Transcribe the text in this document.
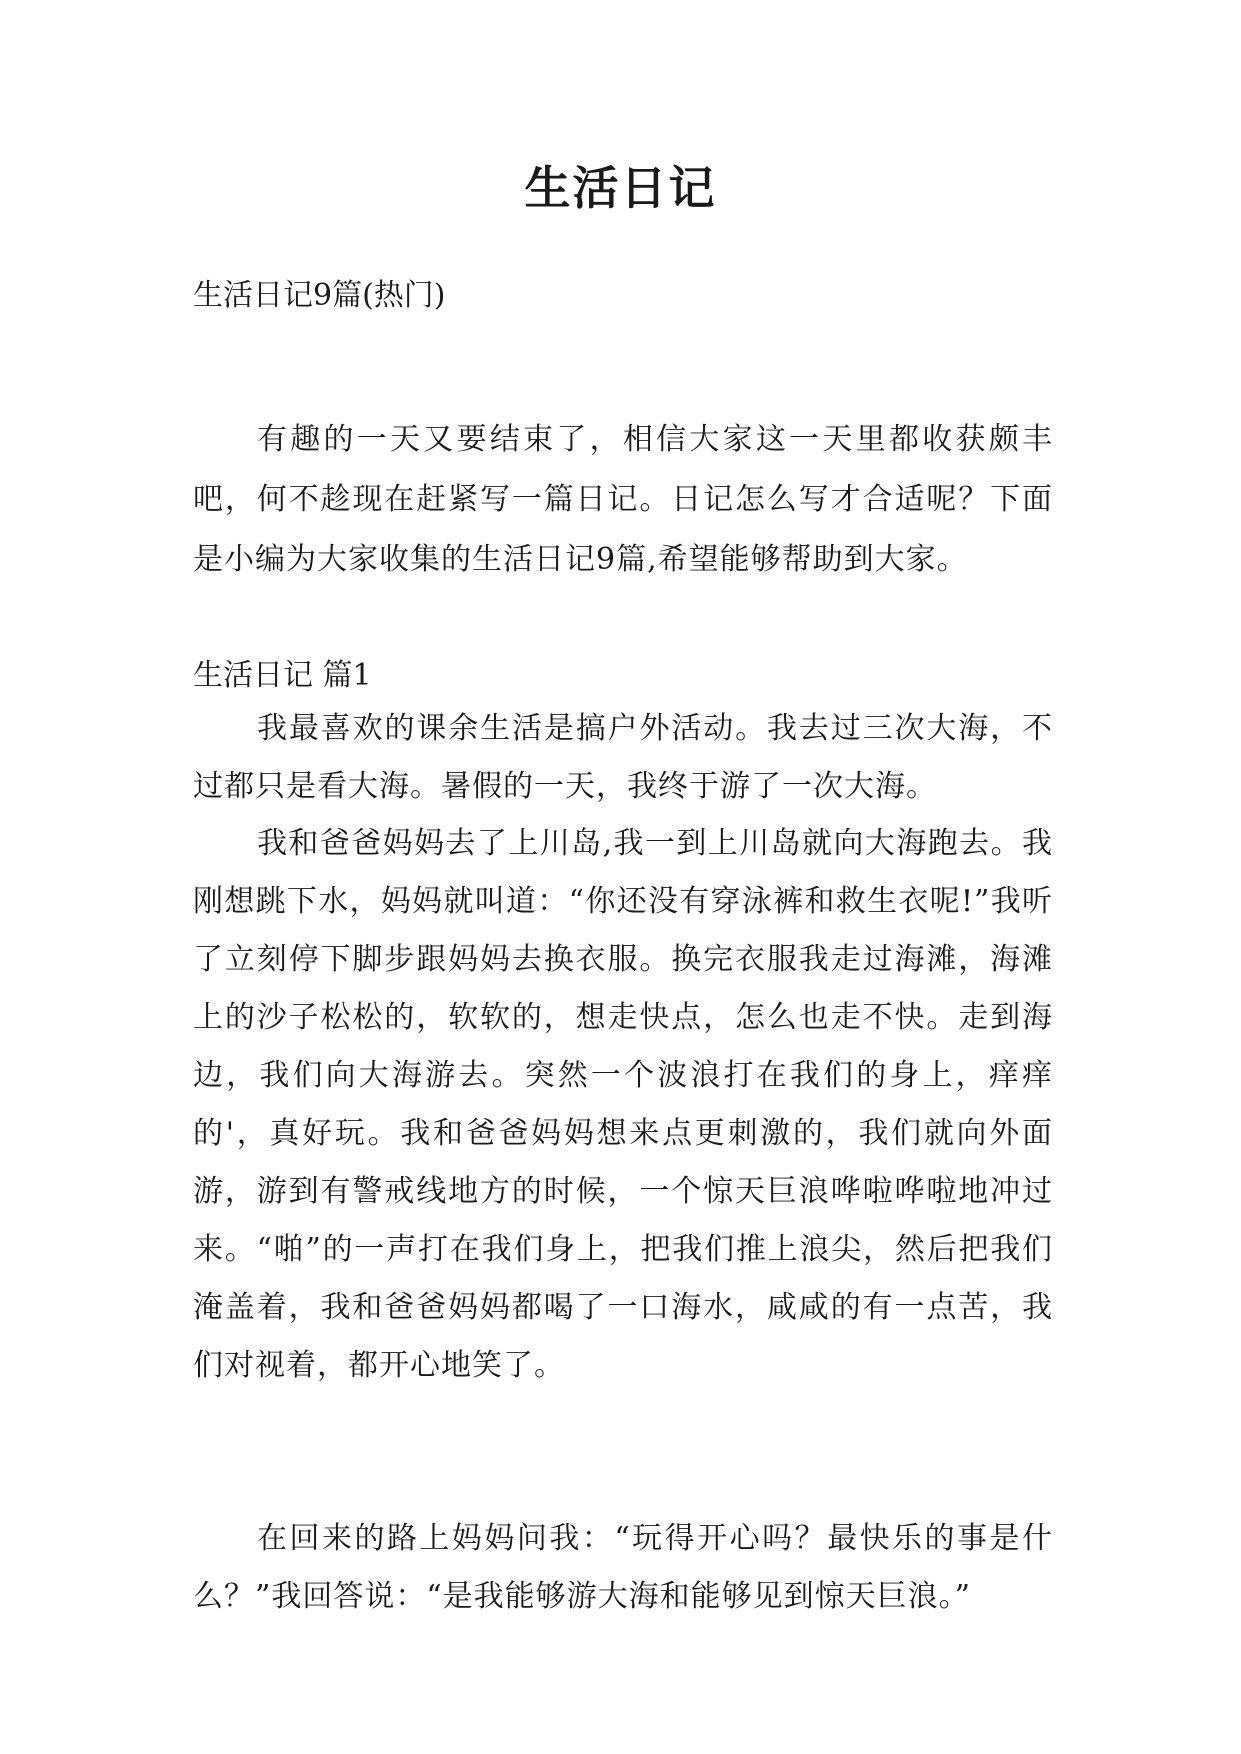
生活日记

生活日记9篇(热门)

有趣的一天又要结束了，相信大家这一天里都收获颇丰吧，何不趁现在赶紧写一篇日记。日记怎么写才合适呢？下面是小编为大家收集的生活日记9篇,希望能够帮助到大家。

生活日记 篇1

我最喜欢的课余生活是搞户外活动。我去过三次大海，不过都只是看大海。暑假的一天，我终于游了一次大海。

我和爸爸妈妈去了上川岛,我一到上川岛就向大海跑去。我刚想跳下水，妈妈就叫道：“你还没有穿泳裤和救生衣呢!”我听了立刻停下脚步跟妈妈去换衣服。换完衣服我走过海滩，海滩上的沙子松松的，软软的，想走快点，怎么也走不快。走到海边，我们向大海游去。突然一个波浪打在我们的身上，痒痒的'，真好玩。我和爸爸妈妈想来点更刺激的，我们就向外面游，游到有警戒线地方的时候，一个惊天巨浪哗啦哗啦地冲过来。“啪”的一声打在我们身上，把我们推上浪尖，然后把我们淹盖着，我和爸爸妈妈都喝了一口海水，咸咸的有一点苦，我们对视着，都开心地笑了。

在回来的路上妈妈问我：“玩得开心吗？最快乐的事是什么？”我回答说：“是我能够游大海和能够见到惊天巨浪。”
